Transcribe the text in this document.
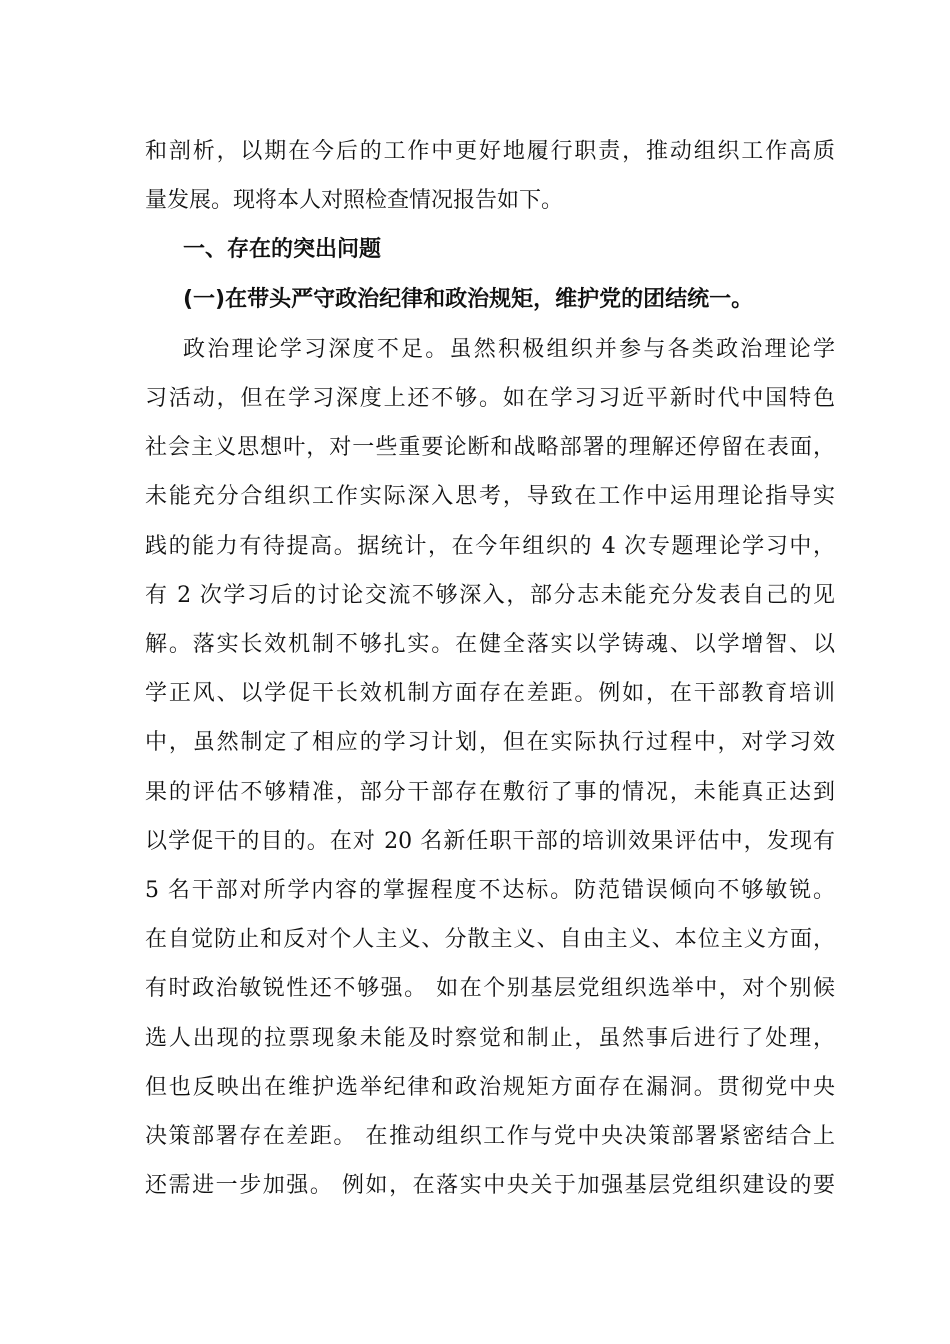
和剖析，以期在今后的工作中更好地履行职责，推动组织工作高质

量发展。现将本人对照检查情况报告如下。

一、存在的突出问题

(一)在带头严守政治纪律和政治规矩，维护党的团结统一。

政治理论学习深度不足。虽然积极组织并参与各类政治理论学

习活动，但在学习深度上还不够。如在学习习近平新时代中国特色

社会主义思想叶，对一些重要论断和战略部署的理解还停留在表面，

未能充分合组织工作实际深入思考，导致在工作中运用理论指导实

践的能力有待提高。据统计，在今年组织的 4 次专题理论学习中，

有 2 次学习后的讨论交流不够深入，部分志未能充分发表自己的见

解。落实长效机制不够扎实。在健全落实以学铸魂、以学增智、以

学正风、以学促干长效机制方面存在差距。例如，在干部教育培训

中，虽然制定了相应的学习计划，但在实际执行过程中，对学习效

果的评估不够精准，部分干部存在敷衍了事的情况，未能真正达到

以学促干的目的。在对 20 名新任职干部的培训效果评估中，发现有

5 名干部对所学内容的掌握程度不达标。防范错误倾向不够敏锐。

在自觉防止和反对个人主义、分散主义、自由主义、本位主义方面，

有时政治敏锐性还不够强。 如在个别基层党组织选举中，对个别候

选人出现的拉票现象未能及时察觉和制止，虽然事后进行了处理，

但也反映出在维护选举纪律和政治规矩方面存在漏洞。贯彻党中央

决策部署存在差距。 在推动组织工作与党中央决策部署紧密结合上

还需进一步加强。 例如，在落实中央关于加强基层党组织建设的要
